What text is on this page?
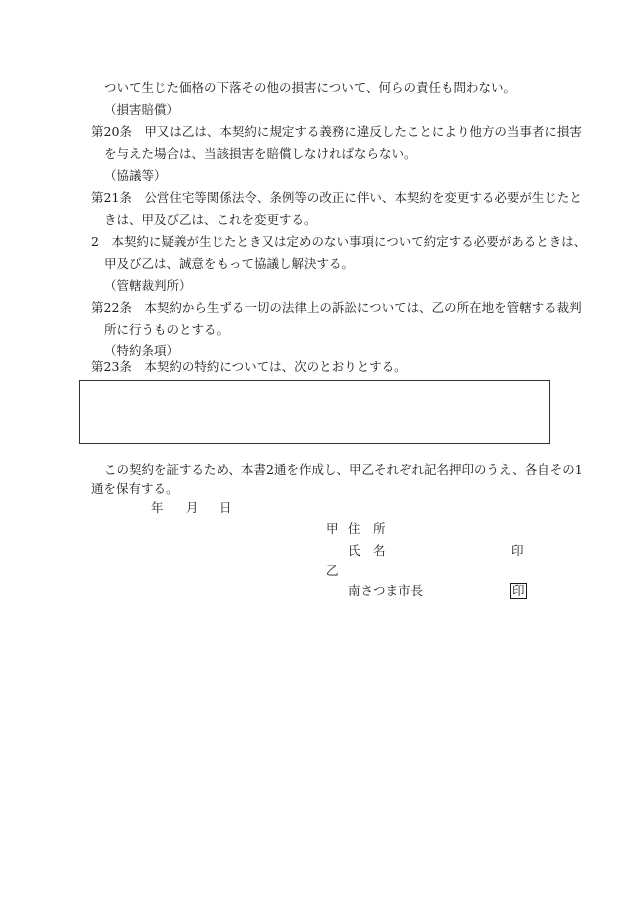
ついて生じた価格の下落その他の損害について、何らの責任も問わない。
（損害賠償）
第20条　甲又は乙は、本契約に規定する義務に違反したことにより他方の当事者に損害
を与えた場合は、当該損害を賠償しなければならない。
（協議等）
第21条　公営住宅等関係法令、条例等の改正に伴い、本契約を変更する必要が生じたと
きは、甲及び乙は、これを変更する。
2　本契約に疑義が生じたとき又は定めのない事項について約定する必要があるときは、
甲及び乙は、誠意をもって協議し解決する。
（管轄裁判所）
第22条　本契約から生ずる一切の法律上の訴訟については、乙の所在地を管轄する裁判
所に行うものとする。
（特約条項）
第23条　本契約の特約については、次のとおりとする。
この契約を証するため、本書2通を作成し、甲乙それぞれ記名押印のうえ、各自その1
通を保有する。
年 月 日
甲 住　所
氏　名	印
乙
南さつま市長	印
